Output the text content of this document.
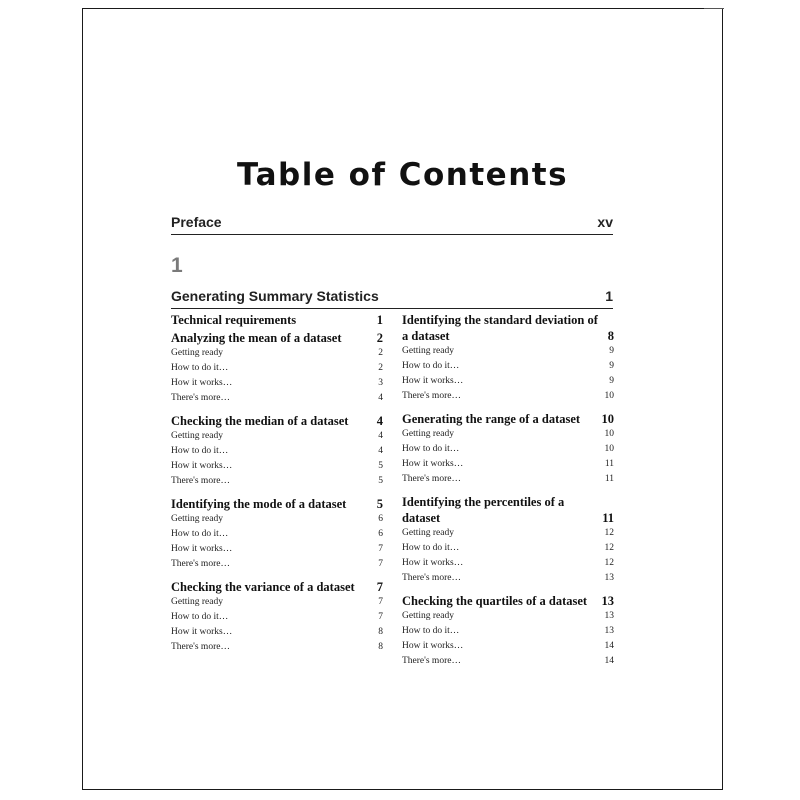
Table of Contents
Preface	xv
1
Generating Summary Statistics	1
Technical requirements	1
Analyzing the mean of a dataset	2
Getting ready	2
How to do it…	2
How it works…	3
There's more…	4
Checking the median of a dataset	4
Getting ready	4
How to do it…	4
How it works…	5
There's more…	5
Identifying the mode of a dataset	5
Getting ready	6
How to do it…	6
How it works…	7
There's more…	7
Checking the variance of a dataset	7
Getting ready	7
How to do it…	7
How it works…	8
There's more…	8
Identifying the standard deviation of a dataset	8
Getting ready	9
How to do it…	9
How it works…	9
There's more…	10
Generating the range of a dataset	10
Getting ready	10
How to do it…	10
How it works…	11
There's more…	11
Identifying the percentiles of a dataset	11
Getting ready	12
How to do it…	12
How it works…	12
There's more…	13
Checking the quartiles of a dataset	13
Getting ready	13
How to do it…	13
How it works…	14
There's more…	14
